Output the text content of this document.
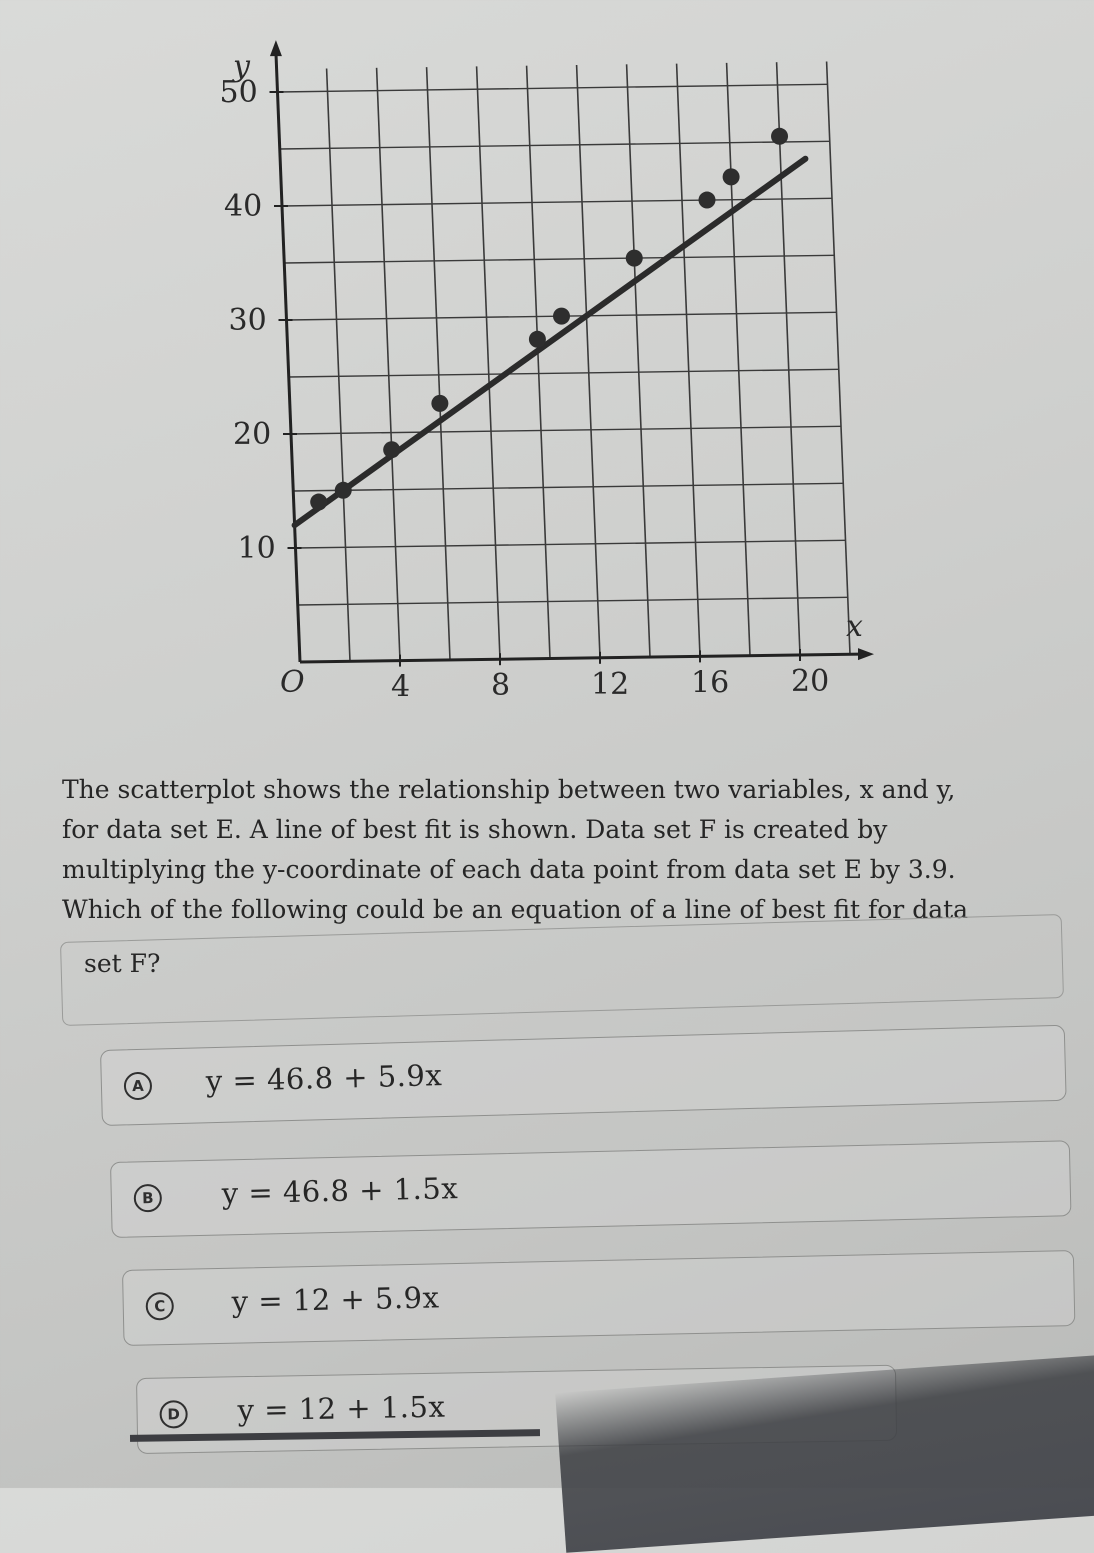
4	8	12 16 20
10
20
30
40
50
y
x
O

The scatterplot shows the relationship between two variables, x and y,

for data set E. A line of best fit is shown. Data set F is created by

multiplying the y-coordinate of each data point from data set E by 3.9.

Which of the following could be an equation of a line of best fit for data

set F?

A y = 46.8 + 5.9x
B y = 46.8 + 1.5x
C y = 12 + 5.9x
D y = 12 + 1.5x
